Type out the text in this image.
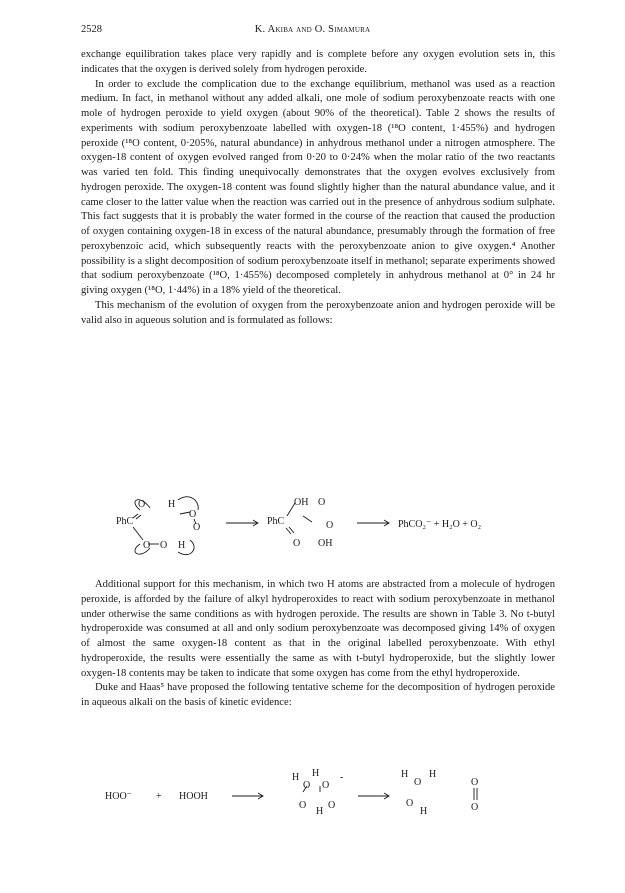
2528	K. Akiba and O. Simamura

exchange equilibration takes place very rapidly and is complete before any oxygen evolution sets in, this indicates that the oxygen is derived solely from hydrogen peroxide.

In order to exclude the complication due to the exchange equilibrium, methanol was used as a reaction medium. In fact, in methanol without any added alkali, one mole of sodium peroxybenzoate reacts with one mole of hydrogen peroxide to yield oxygen (about 90% of the theoretical). Table 2 shows the results of experiments with sodium peroxybenzoate labelled with oxygen-18 (¹⁸O content, 1·455%) and hydrogen peroxide (¹⁸O content, 0·205%, natural abundance) in anhydrous methanol under a nitrogen atmosphere. The oxygen-18 content of oxygen evolved ranged from 0·20 to 0·24% when the molar ratio of the two reactants was varied ten fold. This finding unequivocally demonstrates that the oxygen evolves exclusively from hydrogen peroxide. The oxygen-18 content was found slightly higher than the natural abundance value, and it came closer to the latter value when the reaction was carried out in the presence of anhydrous sodium sulphate. This fact suggests that it is probably the water formed in the course of the reaction that caused the production of oxygen containing oxygen-18 in excess of the natural abundance, presumably through the formation of free peroxybenzoic acid, which subsequently reacts with the peroxybenzoate anion to give oxygen.⁴ Another possibility is a slight decomposition of sodium peroxybenzoate itself in methanol; separate experiments showed that sodium peroxybenzoate (¹⁸O, 1·455%) decomposed completely in anhydrous methanol at 0° in 24 hr giving oxygen (¹⁸O, 1·44%) in a 18% yield of the theoretical.

This mechanism of the evolution of oxygen from the peroxybenzoate anion and hydrogen peroxide will be valid also in aqueous solution and is formulated as follows:

PhC
O H
O
O
O O H
OH
PhC
O
O
O OH
PhCO₂⁻ + H₂O + O₂

Additional support for this mechanism, in which two H atoms are abstracted from a molecule of hydrogen peroxide, is afforded by the failure of alkyl hydroperoxides to react with sodium peroxybenzoate in methanol under otherwise the same conditions as with hydrogen peroxide. The results are shown in Table 3. No t-butyl hydroperoxide was consumed at all and only sodium peroxybenzoate was decomposed giving 14% of oxygen of almost the same oxygen-18 content as that in the original labelled peroxybenzoate. With ethyl hydroperoxide, the results were essentially the same as with t-butyl hydroperoxide, but the slightly lower oxygen-18 contents may be taken to indicate that some oxygen has come from the ethyl hydroperoxide.

Duke and Haas⁵ have proposed the following tentative scheme for the decomposition of hydrogen peroxide in aqueous alkali on the basis of kinetic evidence:

HOO⁻ + HOOH
H H
O O
-
O O
H
H
O
H
O
H
O
O
